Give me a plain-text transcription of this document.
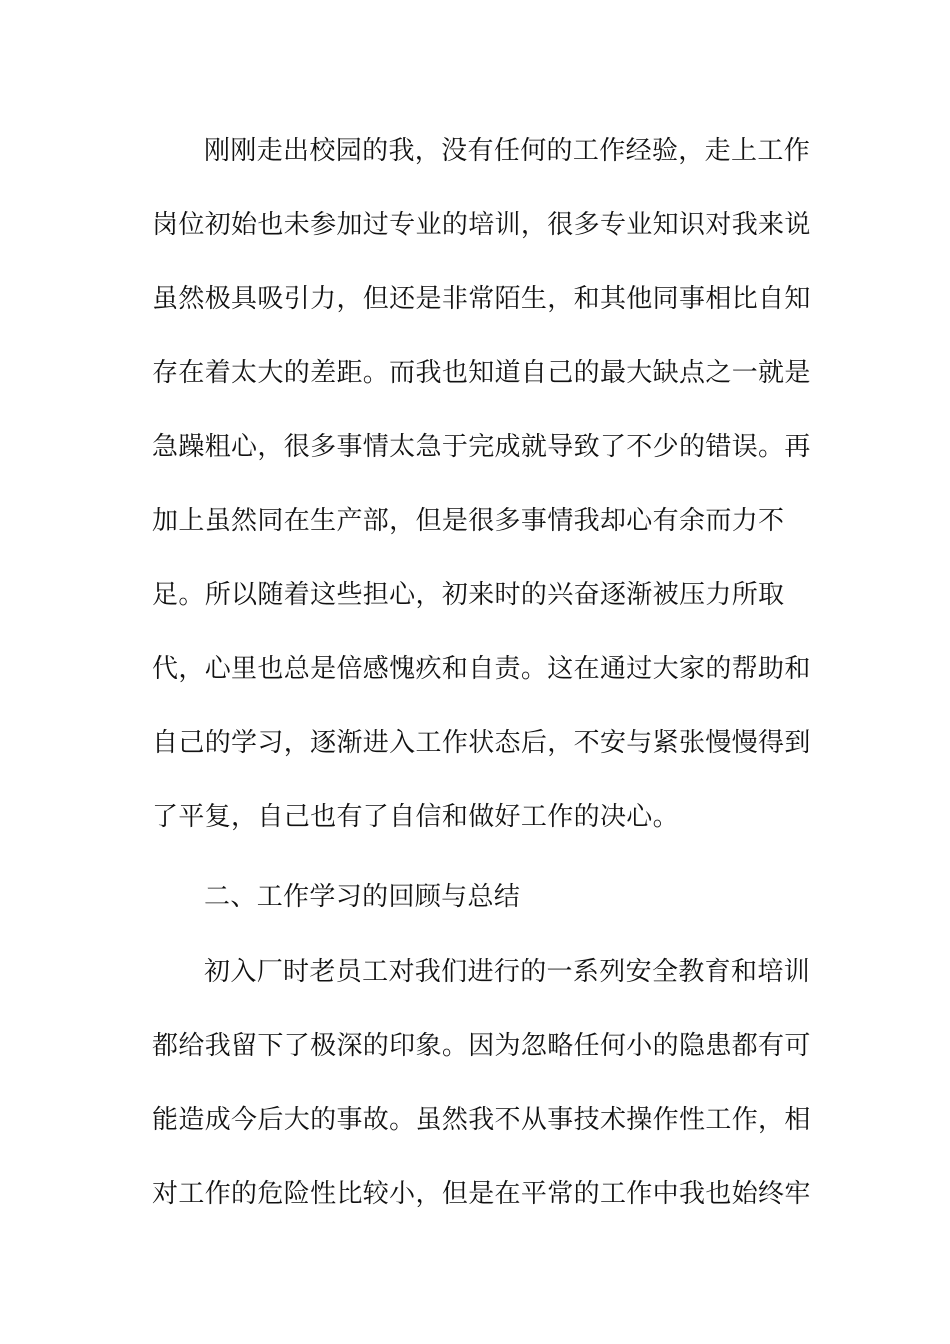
刚刚走出校园的我，没有任何的工作经验，走上工作
岗位初始也未参加过专业的培训，很多专业知识对我来说
虽然极具吸引力，但还是非常陌生，和其他同事相比自知
存在着太大的差距。而我也知道自己的最大缺点之一就是
急躁粗心，很多事情太急于完成就导致了不少的错误。再
加上虽然同在生产部，但是很多事情我却心有余而力不
足。所以随着这些担心，初来时的兴奋逐渐被压力所取
代，心里也总是倍感愧疚和自责。这在通过大家的帮助和
自己的学习，逐渐进入工作状态后，不安与紧张慢慢得到
了平复，自己也有了自信和做好工作的决心。
二、工作学习的回顾与总结
初入厂时老员工对我们进行的一系列安全教育和培训
都给我留下了极深的印象。因为忽略任何小的隐患都有可
能造成今后大的事故。虽然我不从事技术操作性工作，相
对工作的危险性比较小，但是在平常的工作中我也始终牢
